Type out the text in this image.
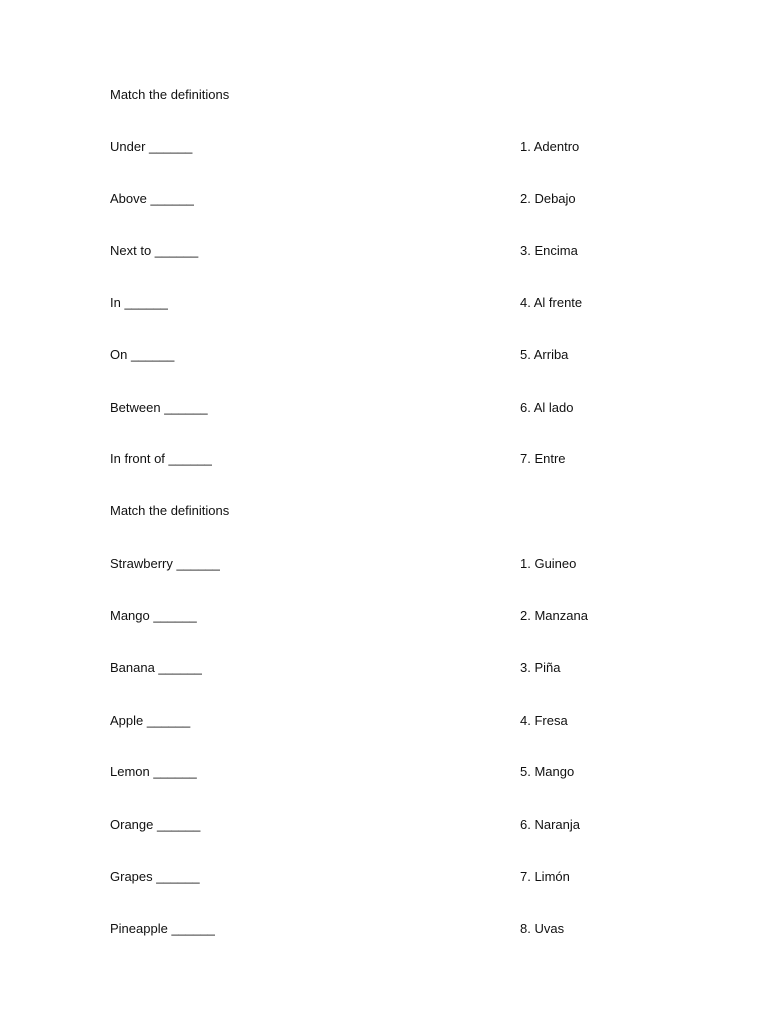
Match the definitions
Under ______	1. Adentro
Above ______	2. Debajo
Next to ______	3. Encima
In ______	4. Al frente
On ______	5. Arriba
Between ______	6. Al lado
In front of ______	7. Entre
Match the definitions
Strawberry ______	1. Guineo
Mango ______	2. Manzana
Banana ______	3. Piña
Apple ______	4. Fresa
Lemon ______	5. Mango
Orange ______	6. Naranja
Grapes ______	7. Limón
Pineapple ______	8. Uvas
